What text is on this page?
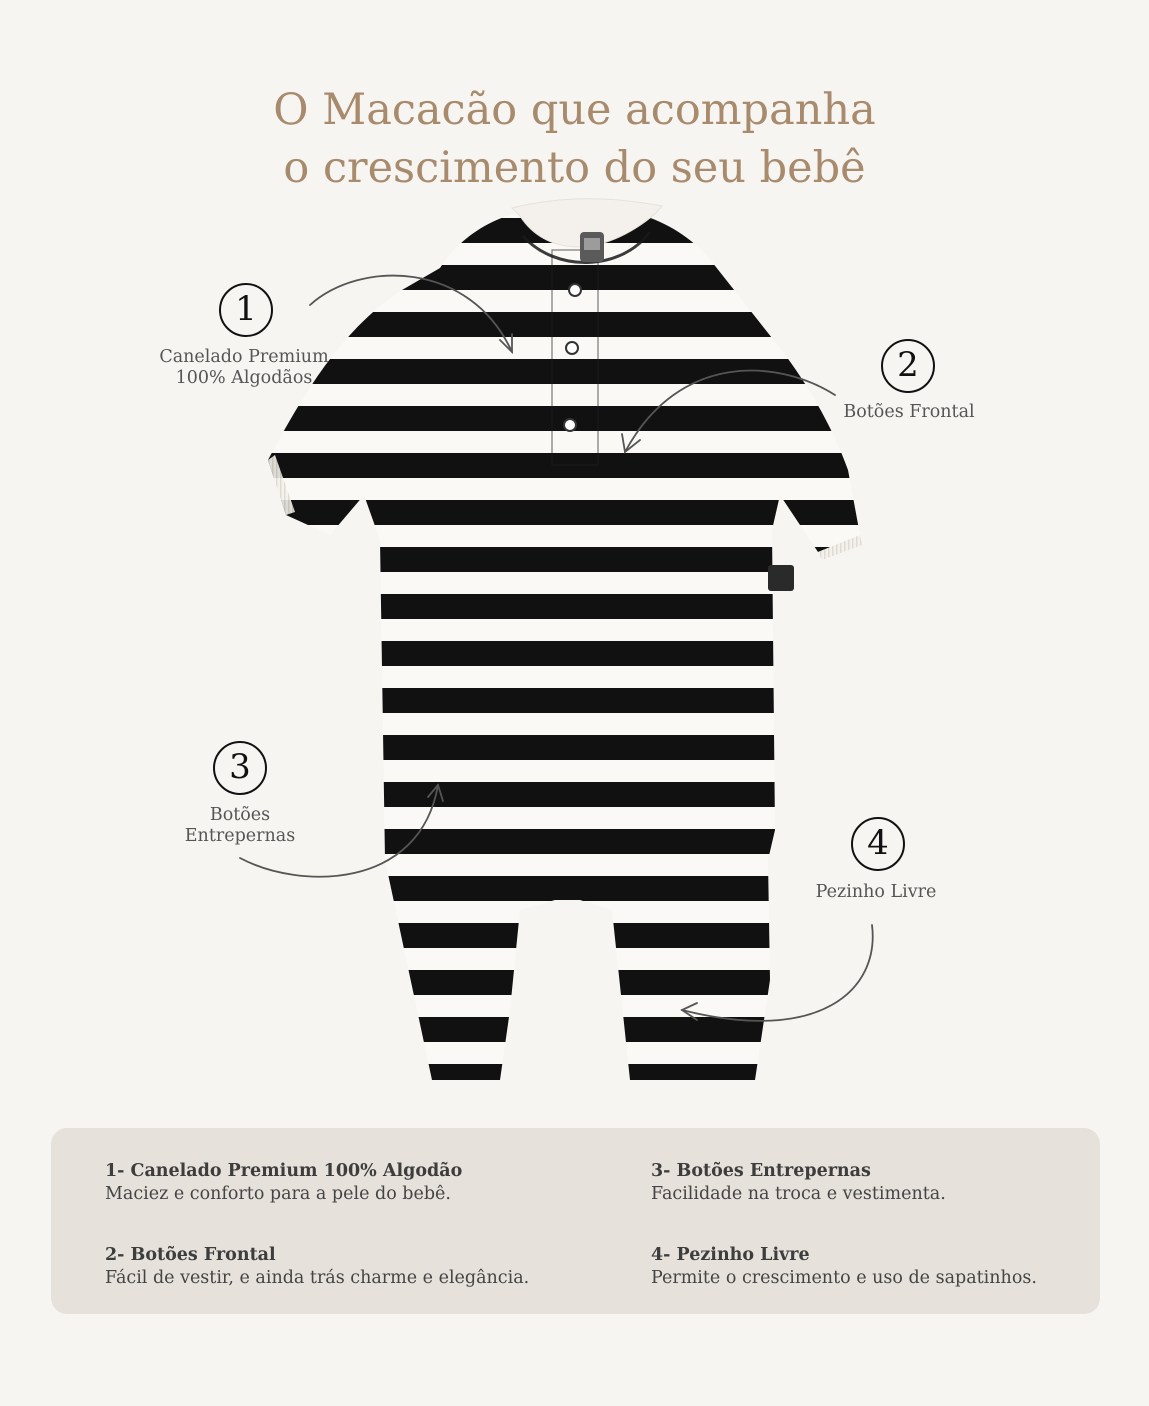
O Macacão que acompanha
o crescimento do seu bebê
1
Canelado Premium
100% Algodãos	2
Botões Frontal
3
Botões
Entrepernas	4
Pezinho Livre
1- Canelado Premium 100% Algodão
Maciez e conforto para a pele do bebê.
2- Botões Frontal
Fácil de vestir, e ainda trás charme e elegância.
3- Botões Entrepernas
Facilidade na troca e vestimenta.
4- Pezinho Livre
Permite o crescimento e uso de sapatinhos.
